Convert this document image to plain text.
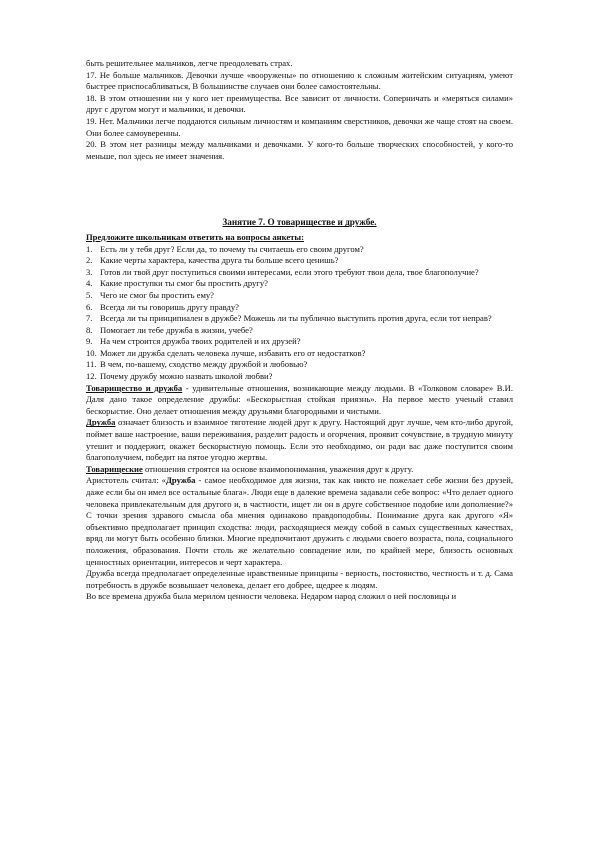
быть решительнее мальчиков, легче преодолевать страх.

17. Не больше мальчиков. Девочки лучше «вооружены» по отношению к сложным житейским ситуациям, умеют быстрее приспосабливаться, В большинстве случаев они более самостоятельны.

18. В этом отношении ни у кого нет преимущества. Все зависит от личности. Соперничать и «меряться силами» друг с другом могут и мальчики, и девочки.

19. Нет. Мальчики легче поддаются сильным личностям и компаниям сверстников, девочки же чаще стоят на своем. Они более самоуверенны.

20. В этом нет разницы между мальчиками и девочками. У кого-то больше творческих способностей, у кого-то меньше, пол здесь не имеет значения.

Занятие 7. О товариществе и дружбе.

Предложите школьникам ответить на вопросы анкеты:

1. Есть ли у тебя друг? Если да, то почему ты считаешь его своим другом?
2. Какие черты характера, качества друга ты больше всего ценишь?
3. Готов ли твой друг поступиться своими интересами, если этого требуют твои дела, твое благополучие?
4. Какие проступки ты смог бы простить другу?
5. Чего не смог бы простить ему?
6. Всегда ли ты говоришь другу правду?
7. Всегда ли ты принципиален в дружбе? Можешь ли ты публично выступить против друга, если тот неправ?
8. Помогает ли тебе дружба в жизни, учебе?
9. На чем строится дружба твоих родителей и их друзей?
10. Может ли дружба сделать человека лучше, избавить его от недостатков?
11. В чем, по-вашему, сходство между дружбой и любовью?
12. Почему дружбу можно назвать школой любви?

Товарищество и дружба - удивительные отношения, возникающие между людьми. В «Толковом словаре» В.И. Даля дано такое определение дружбы: «Бескорыстная стойкая приязнь». На первое место ученый ставил бескорыстие. Оно делает отношения между друзьями благородными и чистыми.

Дружба означает близость и взаимное тяготение людей друг к другу. Настоящий друг лучше, чем кто-либо другой, поймет ваше настроение, ваши переживания, разделит радость и огорчения, проявит сочувствие, в трудную минуту утешит и поддержит, окажет бескорыстную помощь. Если это необходимо, он ради вас даже поступится своим благополучием, победит на пятое угодно жертвы.

Товарищеские отношения строятся на основе взаимопонимания, уважения друг к другу.

Аристотель считал: «Дружба - самое необходимое для жизни, так как никто не пожелает себе жизни без друзей, даже если бы он имел все остальные блага». Люди еще в далекие времена задавали себе вопрос: «Что делает одного человека привлекательным для другого и, в частности, ищет ли он в друге собственное подобие или дополнение?» С точки зрения здравого смысла оба мнения одинаково правдоподобны. Понимание друга как другого «Я» объективно предполагает принцип сходства: люди, расходящиеся между собой в самых существенных качествах, вряд ли могут быть особенно близки. Многие предпочитают дружить с людьми своего возраста, пола, социального положения, образования. Почти столь же желательно совпадение или, по крайней мере, близость основных ценностных ориентации, интересов и черт характера.

Дружба всегда предполагает определенные нравственные принципы - верность, постоянство, честность и т. д. Сама потребность в дружбе возвышает человека, делает его добрее, щедрее к людям.

Во все времена дружба была мерилом ценности человека. Недаром народ сложил о ней пословицы и
